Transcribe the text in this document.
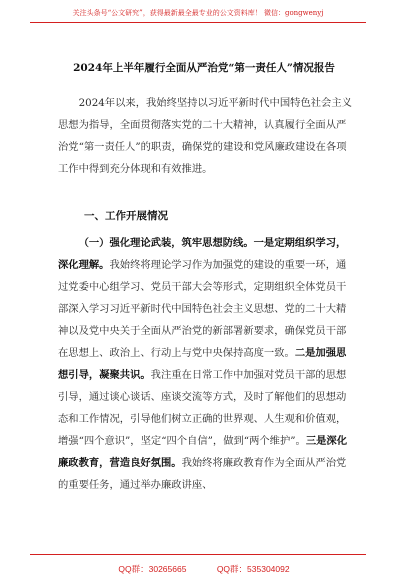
关注头条号“公文研究”，获得最新最全最专业的公文资料库！ 微信：gongwenyj
2024年上半年履行全面从严治党“第一责任人”情况报告

2024年以来，我始终坚持以习近平新时代中国特色社会主义思想为指导，全面贯彻落实党的二十大精神，认真履行全面从严治党“第一责任人”的职责，确保党的建设和党风廉政建设在各项工作中得到充分体现和有效推进。

一、工作开展情况

（一）强化理论武装，筑牢思想防线。一是定期组织学习，深化理解。我始终将理论学习作为加强党的建设的重要一环，通过党委中心组学习、党员干部大会等形式，定期组织全体党员干部深入学习习近平新时代中国特色社会主义思想、党的二十大精神以及党中央关于全面从严治党的新部署新要求，确保党员干部在思想上、政治上、行动上与党中央保持高度一致。二是加强思想引导，凝聚共识。我注重在日常工作中加强对党员干部的思想引导，通过谈心谈话、座谈交流等方式，及时了解他们的思想动态和工作情况，引导他们树立正确的世界观、人生观和价值观，增强“四个意识”，坚定“四个自信”，做到“两个维护”。三是深化廉政教育，营造良好氛围。我始终将廉政教育作为全面从严治党的重要任务，通过举办廉政讲座、

QQ群：30265665	QQ群：535304092
